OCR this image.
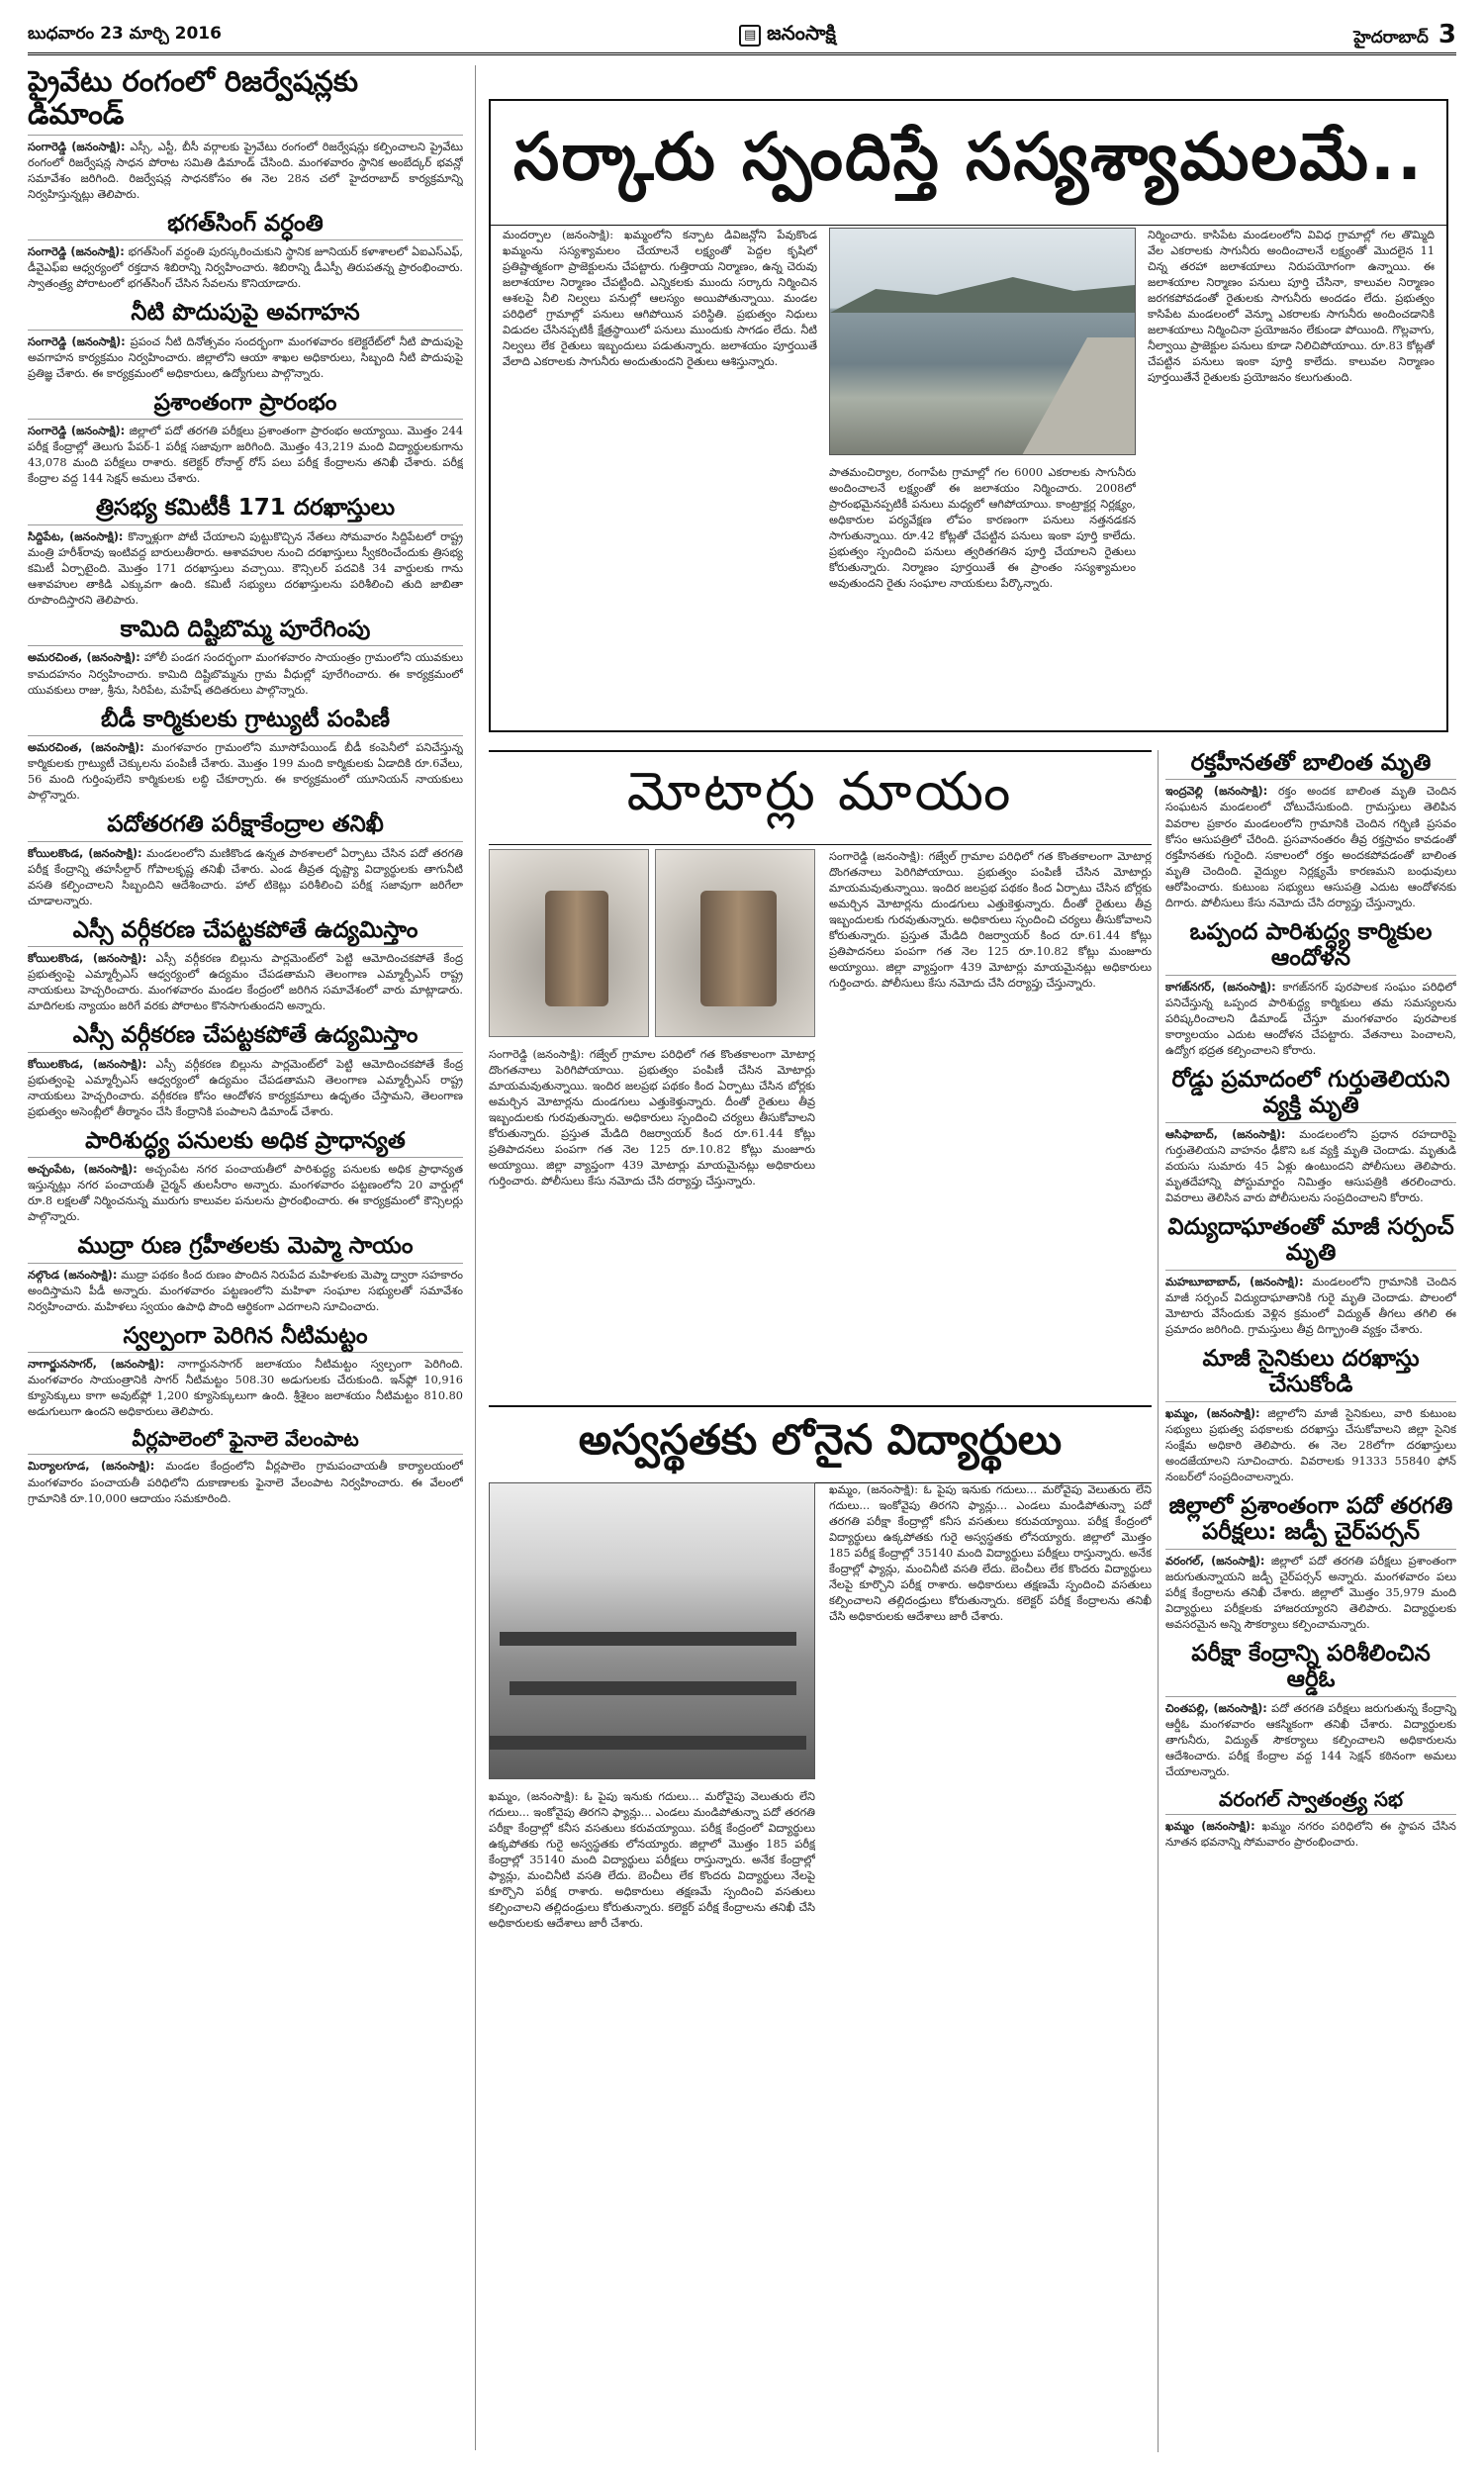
బుధవారం 23 మార్చి 2016	▤ జనంసాక్షి	హైదరాబాద్ 3
ప్రైవేటు రంగంలో రిజర్వేషన్లకు డిమాండ్
సంగారెడ్డి (జనంసాక్షి): ఎస్సీ, ఎస్టీ, బీసీ వర్గాలకు ప్రైవేటు రంగంలో రిజర్వేషన్లు కల్పించాలని ప్రైవేటు రంగంలో రిజర్వేషన్ల సాధన పోరాట సమితి డిమాండ్ చేసింది. మంగళవారం స్థానిక అంబేద్కర్ భవన్లో సమావేశం జరిగింది. రిజర్వేషన్ల సాధనకోసం ఈ నెల 28న చలో హైదరాబాద్ కార్యక్రమాన్ని నిర్వహిస్తున్నట్లు తెలిపారు.
భగత్‌సింగ్ వర్ధంతి
సంగారెడ్డి (జనంసాక్షి): భగత్‌సింగ్ వర్ధంతి పురస్కరించుకుని స్థానిక జూనియర్ కళాశాలలో ఏఐఎస్ఎఫ్, డీవైఎఫ్ఐ ఆధ్వర్యంలో రక్తదాన శిబిరాన్ని నిర్వహించారు. శిబిరాన్ని డీఎస్పీ తిరుపతన్న ప్రారంభించారు. స్వాతంత్ర్య పోరాటంలో భగత్‌సింగ్ చేసిన సేవలను కొనియాడారు.
నీటి పొదుపుపై అవగాహన
సంగారెడ్డి (జనంసాక్షి): ప్రపంచ నీటి దినోత్సవం సందర్భంగా మంగళవారం కలెక్టరేట్‌లో నీటి పొదుపుపై అవగాహన కార్యక్రమం నిర్వహించారు. జిల్లాలోని ఆయా శాఖల అధికారులు, సిబ్బంది నీటి పొదుపుపై ప్రతిజ్ఞ చేశారు. ఈ కార్యక్రమంలో అధికారులు, ఉద్యోగులు పాల్గొన్నారు.
ప్రశాంతంగా ప్రారంభం
సంగారెడ్డి (జనంసాక్షి): జిల్లాలో పదో తరగతి పరీక్షలు ప్రశాంతంగా ప్రారంభం అయ్యాయి. మొత్తం 244 పరీక్ష కేంద్రాల్లో తెలుగు పేపర్-1 పరీక్ష సజావుగా జరిగింది. మొత్తం 43,219 మంది విద్యార్థులకుగాను 43,078 మంది పరీక్షలు రాశారు. కలెక్టర్ రోనాల్డ్ రోస్ పలు పరీక్ష కేంద్రాలను తనిఖీ చేశారు. పరీక్ష కేంద్రాల వద్ద 144 సెక్షన్ అమలు చేశారు.
త్రిసభ్య కమిటీకీ 171 దరఖాస్తులు
సిద్దిపేట, (జనంసాక్షి): కొన్నాళ్లుగా పోటీ చేయాలని పుట్టుకొచ్చిన నేతలు సోమవారం సిద్దిపేటలో రాష్ట్ర మంత్రి హరీశ్‌రావు ఇంటివద్ద బారులుతీరారు. ఆశావహుల నుంచి దరఖాస్తులు స్వీకరించేందుకు త్రిసభ్య కమిటీ ఏర్పాటైంది. మొత్తం 171 దరఖాస్తులు వచ్చాయి. కౌన్సిలర్ పదవికి 34 వార్డులకు గాను ఆశావహుల తాకిడి ఎక్కువగా ఉంది. కమిటీ సభ్యులు దరఖాస్తులను పరిశీలించి తుది జాబితా రూపొందిస్తారని తెలిపారు.
కామిది దిష్టిబొమ్మ పూరేగింపు
అమరచింత, (జనంసాక్షి): హోలీ పండగ సందర్భంగా మంగళవారం సాయంత్రం గ్రామంలోని యువకులు కామదహనం నిర్వహించారు. కామిది దిష్టిబొమ్మను గ్రామ వీధుల్లో పూరేగించారు. ఈ కార్యక్రమంలో యువకులు రాజు, శ్రీను, సిరిపేట, మహేష్ తదితరులు పాల్గొన్నారు.
బీడీ కార్మికులకు గ్రాట్యుటీ పంపిణీ
అమరచింత, (జనంసాక్షి): మంగళవారం గ్రామంలోని మూసోపేయిండ్ బీడీ కంపెనీలో పనిచేస్తున్న కార్మికులకు గ్రాట్యుటీ చెక్కులను పంపిణీ చేశారు. మొత్తం 199 మంది కార్మికులకు ఏడాదికి రూ.6వేలు, 56 మంది గుర్తింపులేని కార్మికులకు లబ్ధి చేకూర్చారు. ఈ కార్యక్రమంలో యూనియన్ నాయకులు పాల్గొన్నారు.
పదోతరగతి పరీక్షాకేంద్రాల తనిఖీ
కోయిలకొండ, (జనంసాక్షి): మండలంలోని మణికొండ ఉన్నత పాఠశాలలో ఏర్పాటు చేసిన పదో తరగతి పరీక్ష కేంద్రాన్ని తహసీల్దార్ గోపాలకృష్ణ తనిఖీ చేశారు. ఎండ తీవ్రత దృష్ట్యా విద్యార్థులకు తాగునీటి వసతి కల్పించాలని సిబ్బందిని ఆదేశించారు. హాల్ టికెట్లు పరిశీలించి పరీక్ష సజావుగా జరిగేలా చూడాలన్నారు.
ఎస్సీ వర్గీకరణ చేపట్టకపోతే ఉద్యమిస్తాం
కోయిలకొండ, (జనంసాక్షి): ఎస్సీ వర్గీకరణ బిల్లును పార్లమెంట్‌లో పెట్టి ఆమోదించకపోతే కేంద్ర ప్రభుత్వంపై ఎమ్మార్పీఎస్ ఆధ్వర్యంలో ఉద్యమం చేపడతామని తెలంగాణ ఎమ్మార్పీఎస్ రాష్ట్ర నాయకులు హెచ్చరించారు. మంగళవారం మండల కేంద్రంలో జరిగిన సమావేశంలో వారు మాట్లాడారు. మాదిగలకు న్యాయం జరిగే వరకు పోరాటం కొనసాగుతుందని అన్నారు.
ఎస్సీ వర్గీకరణ చేపట్టకపోతే ఉద్యమిస్తాం
కోయిలకొండ, (జనంసాక్షి): ఎస్సీ వర్గీకరణ బిల్లును పార్లమెంట్‌లో పెట్టి ఆమోదించకపోతే కేంద్ర ప్రభుత్వంపై ఎమ్మార్పీఎస్ ఆధ్వర్యంలో ఉద్యమం చేపడతామని తెలంగాణ ఎమ్మార్పీఎస్ రాష్ట్ర నాయకులు హెచ్చరించారు. వర్గీకరణ కోసం ఆందోళన కార్యక్రమాలు ఉధృతం చేస్తామని, తెలంగాణ ప్రభుత్వం అసెంబ్లీలో తీర్మానం చేసి కేంద్రానికి పంపాలని డిమాండ్ చేశారు.
పారిశుద్ధ్య పనులకు అధిక ప్రాధాన్యత
అచ్చంపేట, (జనంసాక్షి): అచ్చంపేట నగర పంచాయతీలో పారిశుద్ధ్య పనులకు అధిక ప్రాధాన్యత ఇస్తున్నట్లు నగర పంచాయతీ చైర్మన్ తులసీరాం అన్నారు. మంగళవారం పట్టణంలోని 20 వార్డుల్లో రూ.8 లక్షలతో నిర్మించనున్న మురుగు కాలువల పనులను ప్రారంభించారు. ఈ కార్యక్రమంలో కౌన్సిలర్లు పాల్గొన్నారు.
ముద్రా రుణ గ్రహీతలకు మెప్మా సాయం
నల్గొండ (జనంసాక్షి): ముద్రా పథకం కింద రుణం పొందిన నిరుపేద మహిళలకు మెప్మా ద్వారా సహకారం అందిస్తామని పీడీ అన్నారు. మంగళవారం పట్టణంలోని మహిళా సంఘాల సభ్యులతో సమావేశం నిర్వహించారు. మహిళలు స్వయం ఉపాధి పొంది ఆర్థికంగా ఎదగాలని సూచించారు.
స్వల్పంగా పెరిగిన నీటిమట్టం
నాగార్జునసాగర్, (జనంసాక్షి): నాగార్జునసాగర్ జలాశయం నీటిమట్టం స్వల్పంగా పెరిగింది. మంగళవారం సాయంత్రానికి సాగర్ నీటిమట్టం 508.30 అడుగులకు చేరుకుంది. ఇన్‌ఫ్లో 10,916 క్యూసెక్కులు కాగా అవుట్‌ఫ్లో 1,200 క్యూసెక్కులుగా ఉంది. శ్రీశైలం జలాశయం నీటిమట్టం 810.80 అడుగులుగా ఉందని అధికారులు తెలిపారు.
వీర్లపాలెంలో ఫైనాలె వేలంపాట
మిర్యాలగూడ, (జనంసాక్షి): మండల కేంద్రంలోని వీర్లపాలెం గ్రామపంచాయతీ కార్యాలయంలో మంగళవారం పంచాయతీ పరిధిలోని దుకాణాలకు ఫైనాలె వేలంపాట నిర్వహించారు. ఈ వేలంలో గ్రామానికి రూ.10,000 ఆదాయం సమకూరింది.
సర్కారు స్పందిస్తే సస్యశ్యామలమే..
మందర్పాల (జనంసాక్షి): ఖమ్మంలోని కన్పాట డివిజన్లోని పేవుకొండ ఖమ్మంను సస్యశ్యామలం చేయాలనే లక్ష్యంతో పెద్దల కృషిలో ప్రతిష్టాత్మకంగా ప్రాజెక్టులను చేపట్టారు. గుత్తిరాయ నిర్మాణం, ఉన్న చెరువు జలాశయాల నిర్మాణం చేపట్టింది. ఎన్నికలకు ముందు సర్కారు నిర్మించిన ఆశలపై నీలి నిల్వలు పనుల్లో ఆలస్యం అయిపోతున్నాయి. మండల పరిధిలో గ్రామాల్లో పనులు ఆగిపోయిన పరిస్థితి. ప్రభుత్వం నిధులు విడుదల చేసినప్పటికీ క్షేత్రస్థాయిలో పనులు ముందుకు సాగడం లేదు. నీటి నిల్వలు లేక రైతులు ఇబ్బందులు పడుతున్నారు. జలాశయం పూర్తయితే వేలాది ఎకరాలకు సాగునీరు అందుతుందని రైతులు ఆశిస్తున్నారు.
పాతమంచిర్యాల, రంగాపేట గ్రామాల్లో గల 6000 ఎకరాలకు సాగునీరు అందించాలనే లక్ష్యంతో ఈ జలాశయం నిర్మించారు. 2008లో ప్రారంభమైనప్పటికీ పనులు మధ్యలో ఆగిపోయాయి. కాంట్రాక్టర్ల నిర్లక్ష్యం, అధికారుల పర్యవేక్షణ లోపం కారణంగా పనులు నత్తనడకన సాగుతున్నాయి. రూ.42 కోట్లతో చేపట్టిన పనులు ఇంకా పూర్తి కాలేదు. ప్రభుత్వం స్పందించి పనులు త్వరితగతిన పూర్తి చేయాలని రైతులు కోరుతున్నారు. నిర్మాణం పూర్తయితే ఈ ప్రాంతం సస్యశ్యామలం అవుతుందని రైతు సంఘాల నాయకులు పేర్కొన్నారు.
నిర్మించారు. కాసిపేట మండలంలోని వివిధ గ్రామాల్లో గల తొమ్మిది వేల ఎకరాలకు సాగునీరు అందించాలనే లక్ష్యంతో మొదలైన 11 చిన్న తరహా జలాశయాలు నిరుపయోగంగా ఉన్నాయి. ఈ జలాశయాల నిర్మాణం పనులు పూర్తి చేసినా, కాలువల నిర్మాణం జరగకపోవడంతో రైతులకు సాగునీరు అందడం లేదు. ప్రభుత్వం కాసిపేట మండలంలో వెన్నూ ఎకరాలకు సాగునీరు అందించడానికి జలాశయాలు నిర్మించినా ప్రయోజనం లేకుండా పోయింది. గొల్లవాగు, నీల్వాయి ప్రాజెక్టుల పనులు కూడా నిలిచిపోయాయి. రూ.83 కోట్లతో చేపట్టిన పనులు ఇంకా పూర్తి కాలేదు. కాలువల నిర్మాణం పూర్తయితేనే రైతులకు ప్రయోజనం కలుగుతుంది.
మోటార్లు మాయం
సంగారెడ్డి (జనంసాక్షి): గజ్వేల్ గ్రామాల పరిధిలో గత కొంతకాలంగా మోటార్ల దొంగతనాలు పెరిగిపోయాయి. ప్రభుత్వం పంపిణీ చేసిన మోటార్లు మాయమవుతున్నాయి. ఇందిర జలప్రభ పథకం కింద ఏర్పాటు చేసిన బోర్లకు అమర్చిన మోటార్లను దుండగులు ఎత్తుకెళ్తున్నారు. దీంతో రైతులు తీవ్ర ఇబ్బందులకు గురవుతున్నారు. అధికారులు స్పందించి చర్యలు తీసుకోవాలని కోరుతున్నారు. ప్రస్తుత మేడిది రిజర్వాయర్ కింద రూ.61.44 కోట్లు ప్రతిపాదనలు పంపగా గత నెల 125 రూ.10.82 కోట్లు మంజూరు అయ్యాయి. జిల్లా వ్యాప్తంగా 439 మోటార్లు మాయమైనట్లు అధికారులు గుర్తించారు. పోలీసులు కేసు నమోదు చేసి దర్యాప్తు చేస్తున్నారు.
సంగారెడ్డి (జనంసాక్షి): గజ్వేల్ గ్రామాల పరిధిలో గత కొంతకాలంగా మోటార్ల దొంగతనాలు పెరిగిపోయాయి. ప్రభుత్వం పంపిణీ చేసిన మోటార్లు మాయమవుతున్నాయి. ఇందిర జలప్రభ పథకం కింద ఏర్పాటు చేసిన బోర్లకు అమర్చిన మోటార్లను దుండగులు ఎత్తుకెళ్తున్నారు. దీంతో రైతులు తీవ్ర ఇబ్బందులకు గురవుతున్నారు. అధికారులు స్పందించి చర్యలు తీసుకోవాలని కోరుతున్నారు. ప్రస్తుత మేడిది రిజర్వాయర్ కింద రూ.61.44 కోట్లు ప్రతిపాదనలు పంపగా గత నెల 125 రూ.10.82 కోట్లు మంజూరు అయ్యాయి. జిల్లా వ్యాప్తంగా 439 మోటార్లు మాయమైనట్లు అధికారులు గుర్తించారు. పోలీసులు కేసు నమోదు చేసి దర్యాప్తు చేస్తున్నారు.
అస్వస్థతకు లోనైన విద్యార్థులు
ఖమ్మం, (జనంసాక్షి): ఓ పైపు ఇనుకు గదులు... మరోవైపు వెలుతురు లేని గదులు... ఇంకోవైపు తిరగని ఫ్యాన్లు... ఎండలు మండిపోతున్నా పదో తరగతి పరీక్షా కేంద్రాల్లో కనీస వసతులు కరువయ్యాయి. పరీక్ష కేంద్రంలో విద్యార్థులు ఉక్కపోతకు గురై అస్వస్థతకు లోనయ్యారు. జిల్లాలో మొత్తం 185 పరీక్ష కేంద్రాల్లో 35140 మంది విద్యార్థులు పరీక్షలు రాస్తున్నారు. అనేక కేంద్రాల్లో ఫ్యాన్లు, మంచినీటి వసతి లేదు. బెంచీలు లేక కొందరు విద్యార్థులు నేలపై కూర్చొని పరీక్ష రాశారు. అధికారులు తక్షణమే స్పందించి వసతులు కల్పించాలని తల్లిదండ్రులు కోరుతున్నారు. కలెక్టర్ పరీక్ష కేంద్రాలను తనిఖీ చేసి అధికారులకు ఆదేశాలు జారీ చేశారు.
ఖమ్మం, (జనంసాక్షి): ఓ పైపు ఇనుకు గదులు... మరోవైపు వెలుతురు లేని గదులు... ఇంకోవైపు తిరగని ఫ్యాన్లు... ఎండలు మండిపోతున్నా పదో తరగతి పరీక్షా కేంద్రాల్లో కనీస వసతులు కరువయ్యాయి. పరీక్ష కేంద్రంలో విద్యార్థులు ఉక్కపోతకు గురై అస్వస్థతకు లోనయ్యారు. జిల్లాలో మొత్తం 185 పరీక్ష కేంద్రాల్లో 35140 మంది విద్యార్థులు పరీక్షలు రాస్తున్నారు. అనేక కేంద్రాల్లో ఫ్యాన్లు, మంచినీటి వసతి లేదు. బెంచీలు లేక కొందరు విద్యార్థులు నేలపై కూర్చొని పరీక్ష రాశారు. అధికారులు తక్షణమే స్పందించి వసతులు కల్పించాలని తల్లిదండ్రులు కోరుతున్నారు. కలెక్టర్ పరీక్ష కేంద్రాలను తనిఖీ చేసి అధికారులకు ఆదేశాలు జారీ చేశారు.
రక్తహీనతతో బాలింత మృతి
ఇంద్రవెల్లి (జనంసాక్షి): రక్తం అందక బాలింత మృతి చెందిన సంఘటన మండలంలో చోటుచేసుకుంది. గ్రామస్తులు తెలిపిన వివరాల ప్రకారం మండలంలోని గ్రామానికి చెందిన గర్భిణి ప్రసవం కోసం ఆసుపత్రిలో చేరింది. ప్రసవానంతరం తీవ్ర రక్తస్రావం కావడంతో రక్తహీనతకు గురైంది. సకాలంలో రక్తం అందకపోవడంతో బాలింత మృతి చెందింది. వైద్యుల నిర్లక్ష్యమే కారణమని బంధువులు ఆరోపించారు. కుటుంబ సభ్యులు ఆసుపత్రి ఎదుట ఆందోళనకు దిగారు. పోలీసులు కేసు నమోదు చేసి దర్యాప్తు చేస్తున్నారు.
ఒప్పంద పారిశుద్ధ్య కార్మికుల ఆందోళన
కాగజ్‌నగర్, (జనంసాక్షి): కాగజ్‌నగర్ పురపాలక సంఘం పరిధిలో పనిచేస్తున్న ఒప్పంద పారిశుద్ధ్య కార్మికులు తమ సమస్యలను పరిష్కరించాలని డిమాండ్ చేస్తూ మంగళవారం పురపాలక కార్యాలయం ఎదుట ఆందోళన చేపట్టారు. వేతనాలు పెంచాలని, ఉద్యోగ భద్రత కల్పించాలని కోరారు.
రోడ్డు ప్రమాదంలో గుర్తుతెలియని వ్యక్తి మృతి
ఆసిఫాబాద్, (జనంసాక్షి): మండలంలోని ప్రధాన రహదారిపై గుర్తుతెలియని వాహనం ఢీకొని ఒక వ్యక్తి మృతి చెందాడు. మృతుడి వయసు సుమారు 45 ఏళ్లు ఉంటుందని పోలీసులు తెలిపారు. మృతదేహాన్ని పోస్టుమార్టం నిమిత్తం ఆసుపత్రికి తరలించారు. వివరాలు తెలిసిన వారు పోలీసులను సంప్రదించాలని కోరారు.
విద్యుదాఘాతంతో మాజీ సర్పంచ్ మృతి
మహబూబాబాద్, (జనంసాక్షి): మండలంలోని గ్రామానికి చెందిన మాజీ సర్పంచ్ విద్యుదాఘాతానికి గురై మృతి చెందాడు. పొలంలో మోటారు వేసేందుకు వెళ్లిన క్రమంలో విద్యుత్ తీగలు తగిలి ఈ ప్రమాదం జరిగింది. గ్రామస్తులు తీవ్ర దిగ్భ్రాంతి వ్యక్తం చేశారు.
మాజీ సైనికులు దరఖాస్తు చేసుకోండి
ఖమ్మం, (జనంసాక్షి): జిల్లాలోని మాజీ సైనికులు, వారి కుటుంబ సభ్యులు ప్రభుత్వ పథకాలకు దరఖాస్తు చేసుకోవాలని జిల్లా సైనిక సంక్షేమ అధికారి తెలిపారు. ఈ నెల 28లోగా దరఖాస్తులు అందజేయాలని సూచించారు. వివరాలకు 91333 55840 ఫోన్ నంబర్‌లో సంప్రదించాలన్నారు.
జిల్లాలో ప్రశాంతంగా పదో తరగతి పరీక్షలు: జడ్పీ చైర్‌పర్సన్
వరంగల్, (జనంసాక్షి): జిల్లాలో పదో తరగతి పరీక్షలు ప్రశాంతంగా జరుగుతున్నాయని జడ్పీ చైర్‌పర్సన్ అన్నారు. మంగళవారం పలు పరీక్ష కేంద్రాలను తనిఖీ చేశారు. జిల్లాలో మొత్తం 35,979 మంది విద్యార్థులు పరీక్షలకు హాజరయ్యారని తెలిపారు. విద్యార్థులకు అవసరమైన అన్ని సౌకర్యాలు కల్పించామన్నారు.
పరీక్షా కేంద్రాన్ని పరిశీలించిన ఆర్డీఓ
చింతపల్లి, (జనంసాక్షి): పదో తరగతి పరీక్షలు జరుగుతున్న కేంద్రాన్ని ఆర్డీఓ మంగళవారం ఆకస్మికంగా తనిఖీ చేశారు. విద్యార్థులకు తాగునీరు, విద్యుత్ సౌకర్యాలు కల్పించాలని అధికారులను ఆదేశించారు. పరీక్ష కేంద్రాల వద్ద 144 సెక్షన్ కఠినంగా అమలు చేయాలన్నారు.
వరంగల్ స్వాతంత్ర్య సభ
ఖమ్మం (జనంసాక్షి): ఖమ్మం నగరం పరిధిలోని ఈ స్థాపన చేసిన నూతన భవనాన్ని సోమవారం ప్రారంభించారు.
